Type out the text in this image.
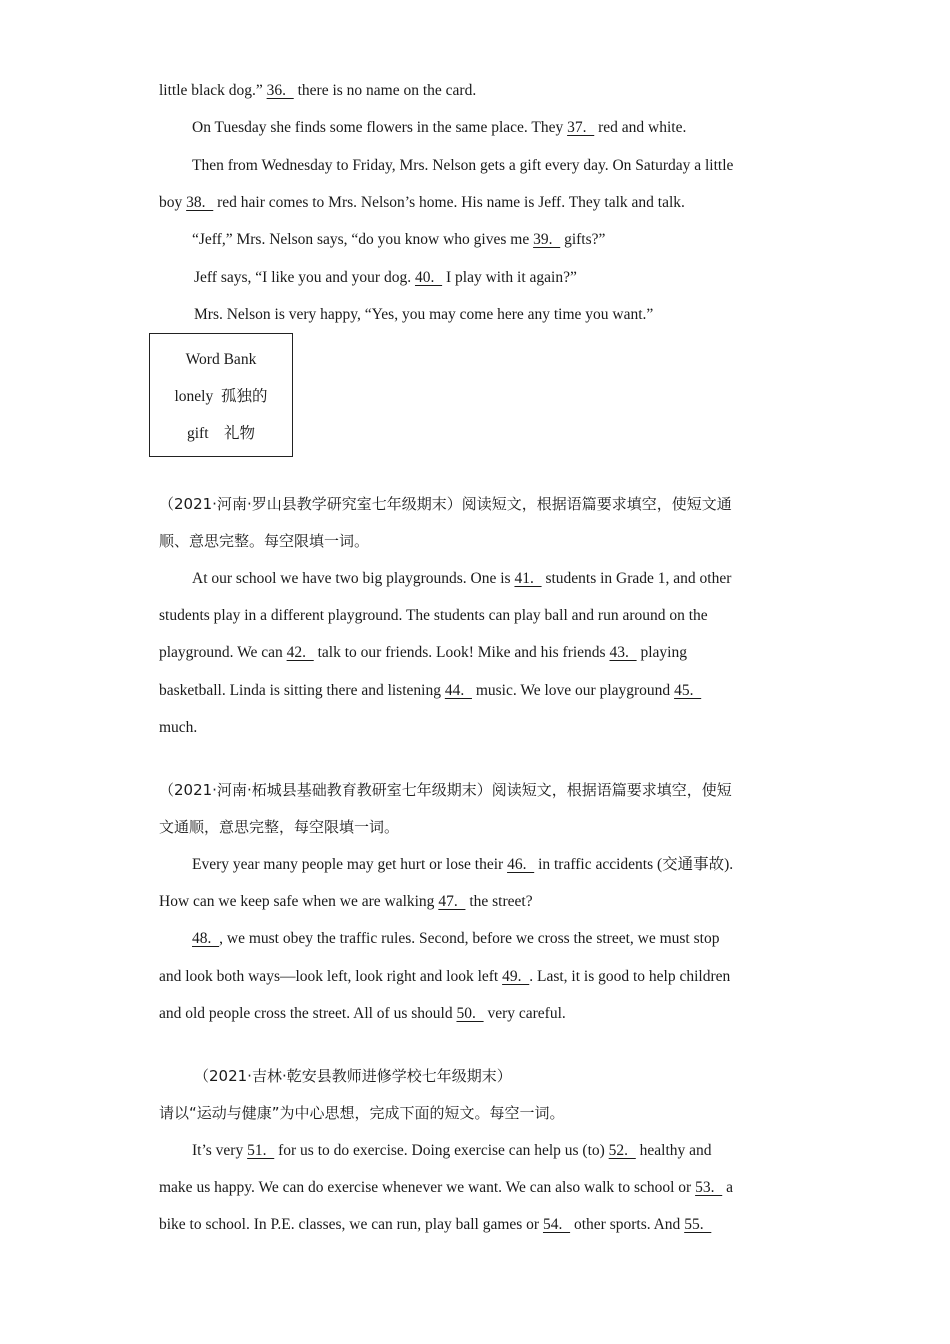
little black dog.” 36.   there is no name on the card.
On Tuesday she finds some flowers in the same place. They 37.   red and white.
Then from Wednesday to Friday, Mrs. Nelson gets a gift every day. On Saturday a little
boy 38.   red hair comes to Mrs. Nelson’s home. His name is Jeff. They talk and talk.
“Jeff,” Mrs. Nelson says, “do you know who gives me 39.   gifts?”
Jeff says, “I like you and your dog. 40.   I play with it again?”
Mrs. Nelson is very happy, “Yes, you may come here any time you want.”
Word Bank
lonely  孤独的
gift    礼物
（2021·河南·罗山县教学研究室七年级期末）阅读短文，根据语篇要求填空，使短文通
顺、意思完整。每空限填一词。
At our school we have two big playgrounds. One is 41.   students in Grade 1, and other
students play in a different playground. The students can play ball and run around on the
playground. We can 42.   talk to our friends. Look! Mike and his friends 43.   playing
basketball. Linda is sitting there and listening 44.   music. We love our playground 45.
much.
（2021·河南·柘城县基础教育教研室七年级期末）阅读短文，根据语篇要求填空，使短
文通顺，意思完整，每空限填一词。
Every year many people may get hurt or lose their 46.   in traffic accidents (交通事故).
How can we keep safe when we are walking 47.   the street?
48.  , we must obey the traffic rules. Second, before we cross the street, we must stop
and look both ways—look left, look right and look left 49.  . Last, it is good to help children
and old people cross the street. All of us should 50.   very careful.
（2021·吉林·乾安县教师进修学校七年级期末）
请以“运动与健康”为中心思想，完成下面的短文。每空一词。
It’s very 51.   for us to do exercise. Doing exercise can help us (to) 52.   healthy and
make us happy. We can do exercise whenever we want. We can also walk to school or 53.   a
bike to school. In P.E. classes, we can run, play ball games or 54.   other sports. And 55.
